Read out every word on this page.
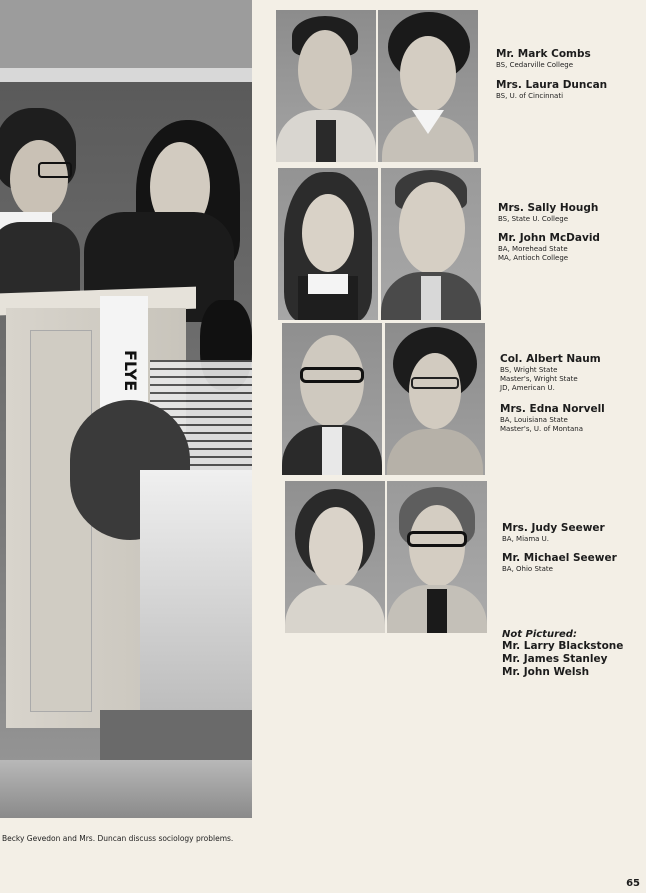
FLYE
Becky Gevedon and Mrs. Duncan discuss sociology problems.
Mr. Mark Combs
BS, Cedarville College
Mrs. Laura Duncan
BS, U. of Cincinnati
Mrs. Sally Hough
BS, State U. College
Mr. John McDavid
BA, Morehead State
MA, Antioch College
Col. Albert Naum
BS, Wright State
Master's, Wright State
JD, American U.
Mrs. Edna Norvell
BA, Louisiana State
Master's, U. of Montana
Mrs. Judy Seewer
BA, Miama U.
Mr. Michael Seewer
BA, Ohio State
Not Pictured:
Mr. Larry Blackstone
Mr. James Stanley
Mr. John Welsh
65
